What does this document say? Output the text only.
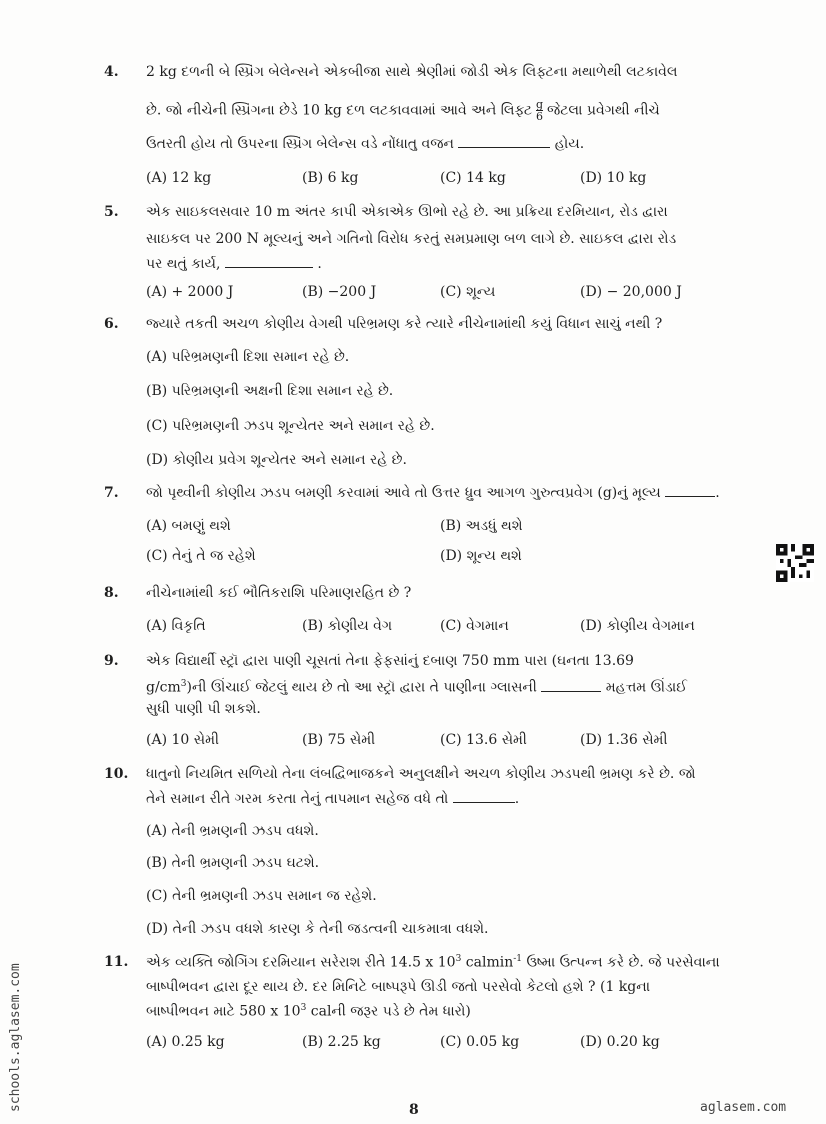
4. 2 kg દળની બે સ્પ્રિંગ બેલેન્સને એકબીજા સાથે શ્રેણીમાં જોડી એક લિફ્ટના મથાળેથી લટકાવેલ
છે. જો નીચેની સ્પ્રિંગના છેડે 10 kg દળ લટકાવવામાં આવે અને લિફ્ટ $\frac{g}{6}$ જેટલા પ્રવેગથી નીચે
ઉતરતી હોય તો ઉપરના સ્પ્રિંગ બેલેન્સ વડે નોંધાતુ વજન	હોય.
(A) 12 kg	(B) 6 kg	(C) 14 kg	(D) 10 kg
5. એક સાઇકલસવાર 10 m અંતર કાપી એકાએક ઊભો રહે છે. આ પ્રક્રિયા દરમિયાન, રોડ દ્વારા
સાઇકલ પર 200 N મૂલ્યનું અને ગતિનો વિરોધ કરતું સમપ્રમાણ બળ લાગે છે. સાઇકલ દ્વારા રોડ
પર થતું કાર્ય,	.
(A) + 2000 J	(B) −200 J	(C) શૂન્ય	(D) − 20,000 J
6. જ્યારે તકતી અચળ કોણીય વેગથી પરિભ્રમણ કરે ત્યારે નીચેનામાંથી કયું વિધાન સાચું નથી ?
(A) પરિભ્રમણની દિશા સમાન રહે છે.
(B) પરિભ્રમણની અક્ષની દિશા સમાન રહે છે.
(C) પરિભ્રમણની ઝડપ શૂન્યેતર અને સમાન રહે છે.
(D) કોણીય પ્રવેગ શૂન્યેતર અને સમાન રહે છે.
7. જો પૃથ્વીની કોણીય ઝડપ બમણી કરવામાં આવે તો ઉત્તર ધ્રુવ આગળ ગુરુત્વપ્રવેગ (g)નું મૂલ્ય	.
(A) બમણું થશે	(B) અડધું થશે
(C) તેનું તે જ રહેશે	(D) શૂન્ય થશે
8. નીચેનામાંથી કઈ ભૌતિકરાશિ પરિમાણરહિત છે ?
(A) વિકૃતિ	(B) કોણીય વેગ	(C) વેગમાન	(D) કોણીય વેગમાન
9. એક વિદ્યાર્થી સ્ટ્રૉ દ્વારા પાણી ચૂસતાં તેના ફેફસાંનું દબાણ 750 mm પારા (ઘનતા 13.69
$g/cm^3)ની$ ઊંચાઈ જેટલું થાય છે તો આ સ્ટ્રૉ દ્વારા તે પાણીના ગ્લાસની	મહત્તમ ઊંડાઈ
સુધી પાણી પી શકશે.
(A) 10 સેમી	(B) 75 સેમી	(C) 13.6 સેમી	(D) 1.36 સેમી
10. ધાતુનો નિયમિત સળિયો તેના લંબદ્વિભાજકને અનુલક્ષીને અચળ કોણીય ઝડપથી ભ્રમણ કરે છે. જો
તેને સમાન રીતે ગરમ કરતા તેનું તાપમાન સહેજ વધે તો	.
(A) તેની ભ્રમણની ઝડપ વધશે.
(B) તેની ભ્રમણની ઝડપ ઘટશે.
(C) તેની ભ્રમણની ઝડપ સમાન જ રહેશે.
(D) તેની ઝડપ વધશે કારણ કે તેની જડત્વની ચાકમાત્રા વધશે.
11. એક વ્યક્તિ જોગિંગ દરમિયાન સરેરાશ રીતે 14.5 x $10^3$ calmin$^{-1}$ ઉષ્મા ઉત્પન્ન કરે છે. જે પરસેવાના
બાષ્પીભવન દ્વારા દૂર થાય છે. દર મિનિટે બાષ્પરૂપે ઊડી જતો પરસેવો કેટલો હશે ? (1 kgના
બાષ્પીભવન માટે 580 x $10^3$ calની જરૂર પડે છે તેમ ધારો)
(A) 0.25 kg	(B) 2.25 kg	(C) 0.05 kg	(D) 0.20 kg
8	aglasem.com
schools.aglasem.com
